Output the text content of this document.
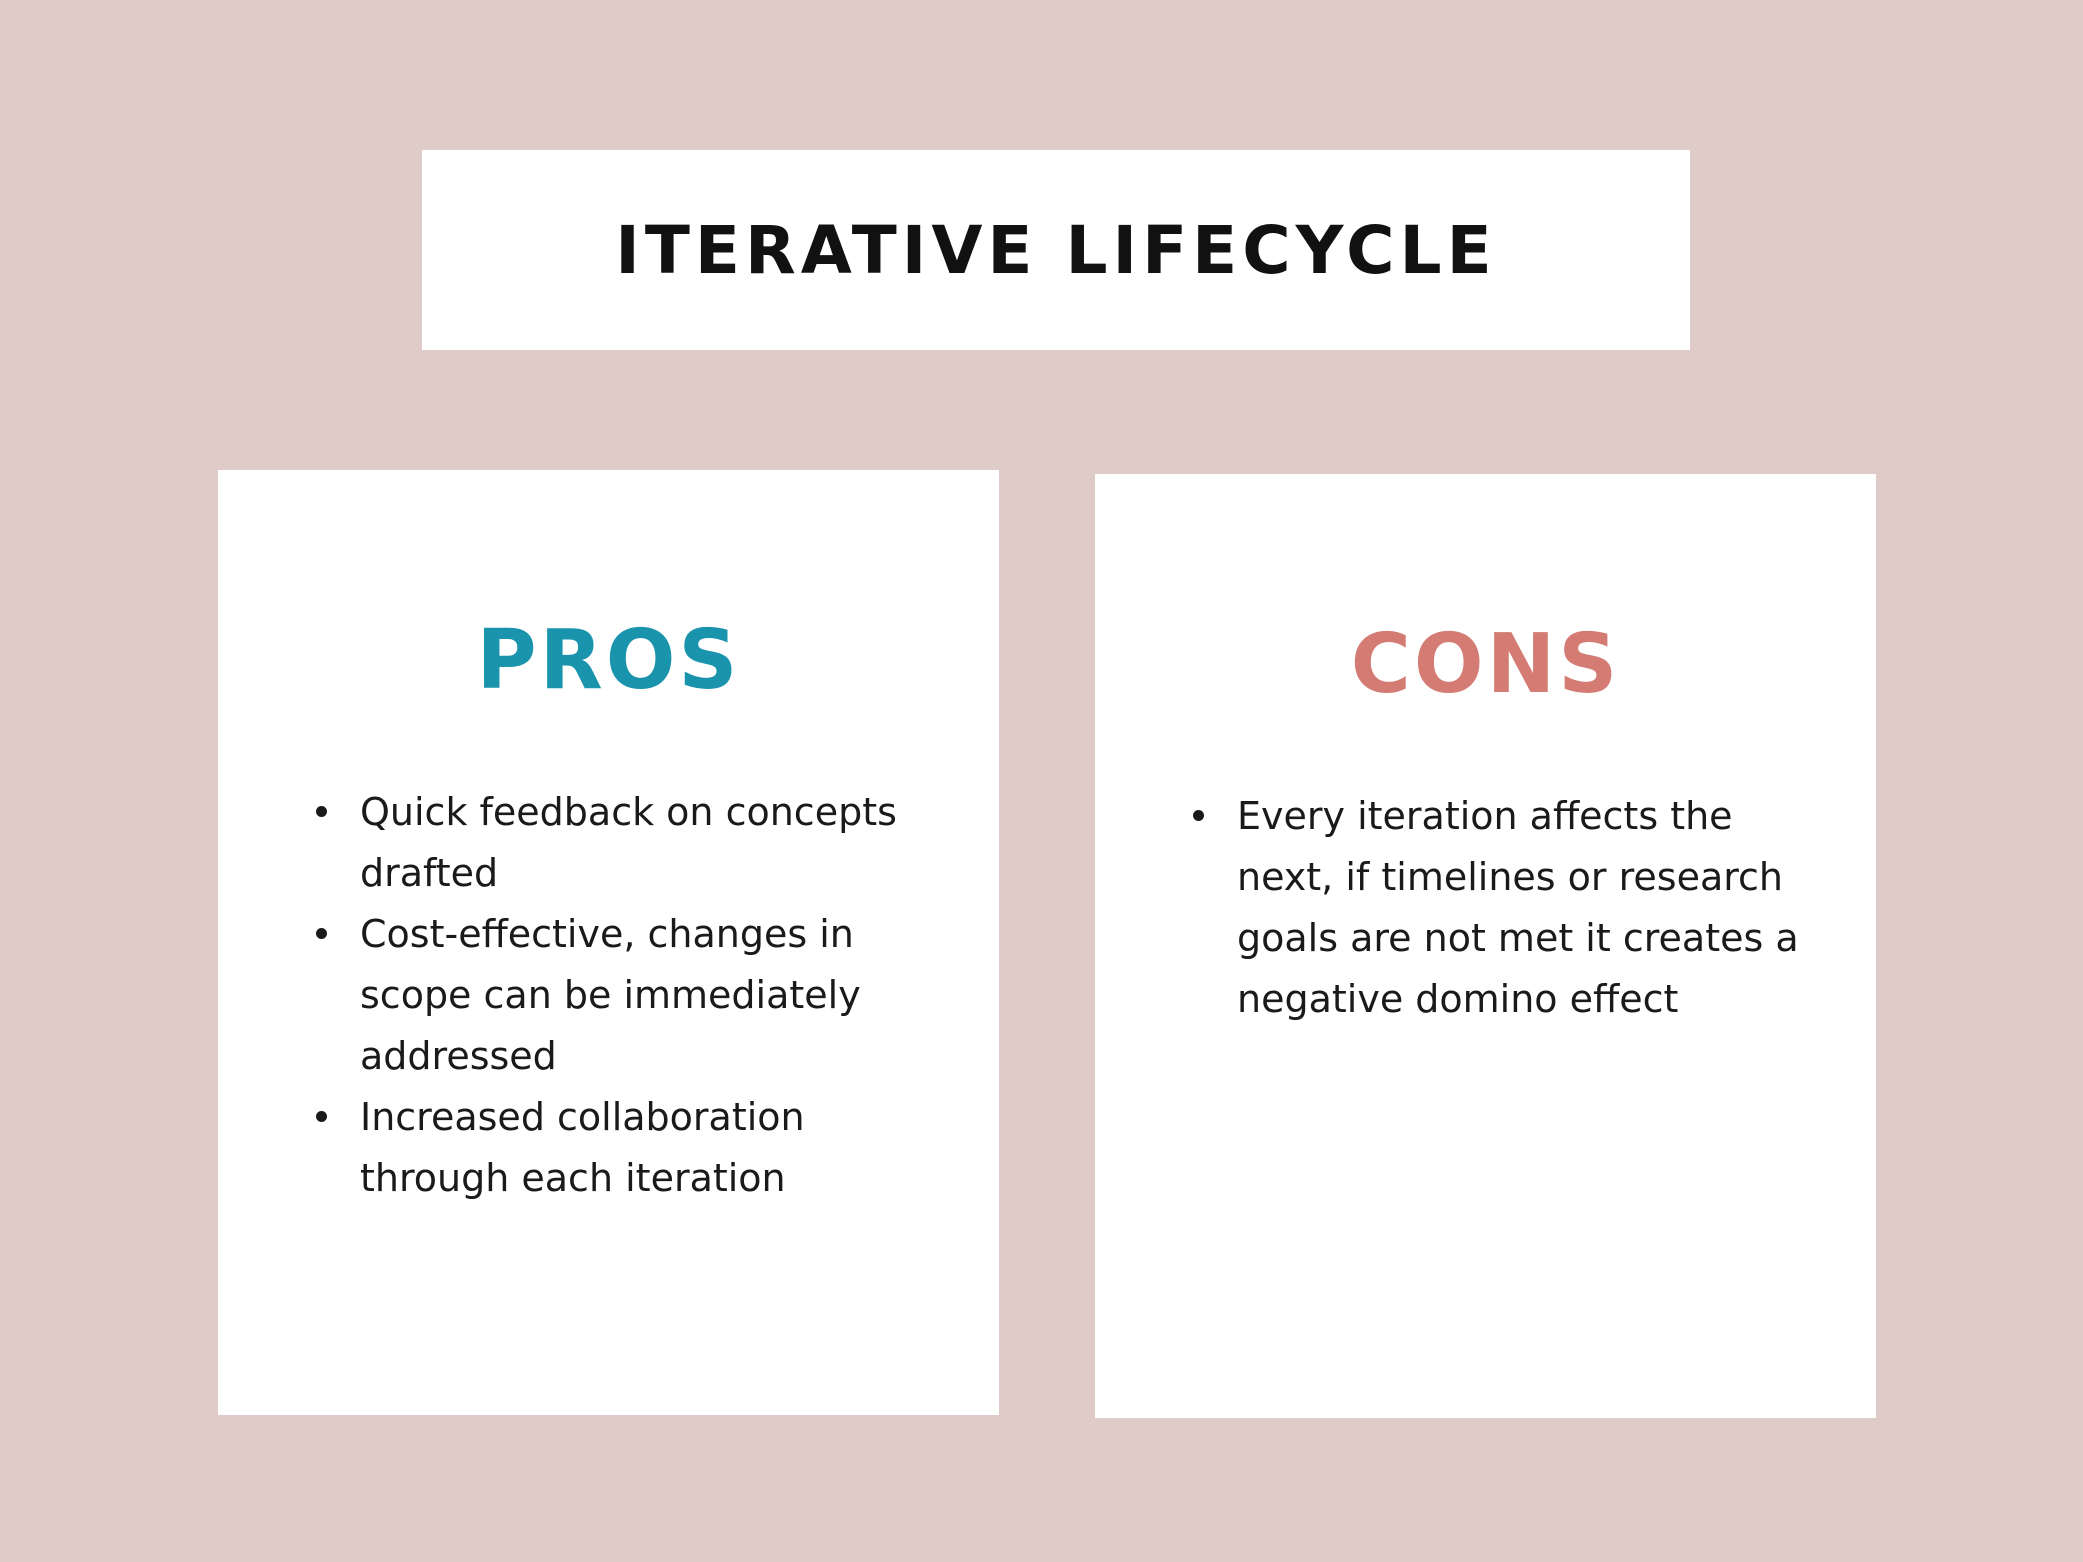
ITERATIVE LIFECYCLE
PROS
Quick feedback on concepts drafted
Cost-effective, changes in scope can be immediately addressed
Increased collaboration through each iteration
CONS
Every iteration affects the next, if timelines or research goals are not met it creates a negative domino effect
